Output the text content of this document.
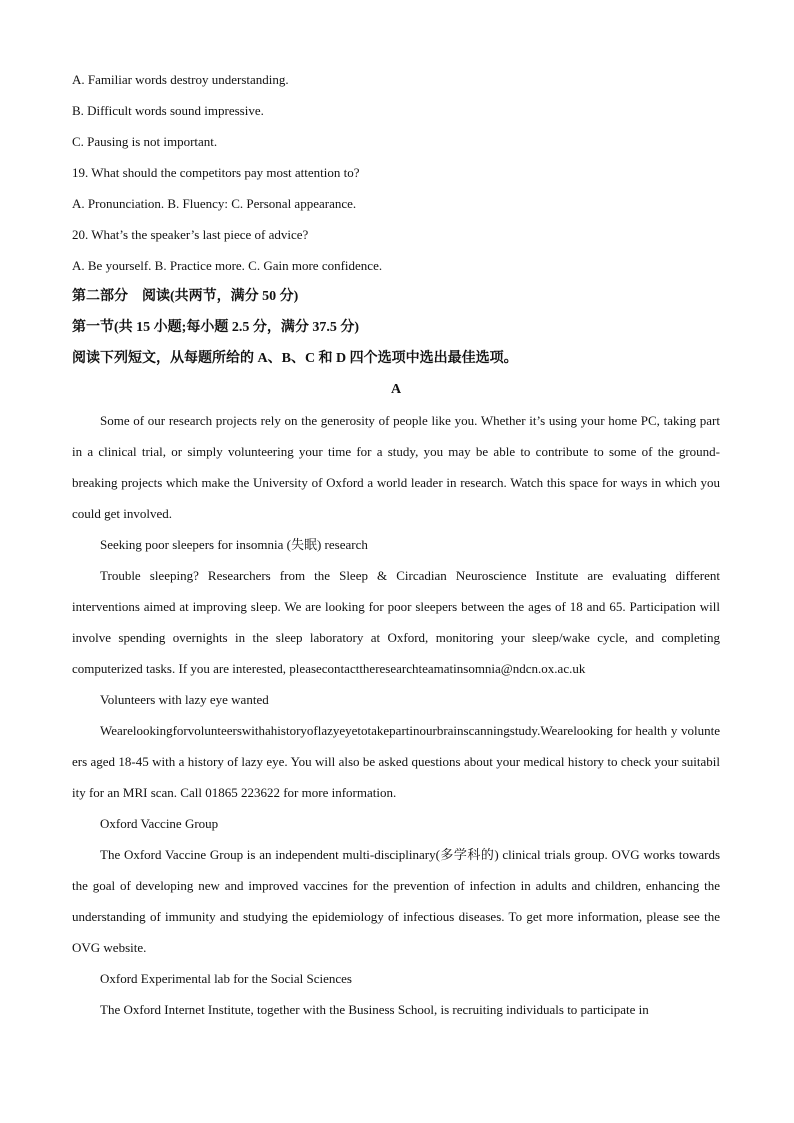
A. Familiar words destroy understanding.
B. Difficult words sound impressive.
C. Pausing is not important.
19. What should the competitors pay most attention to?
A. Pronunciation. B. Fluency: C. Personal appearance.
20. What’s the speaker’s last piece of advice?
A. Be yourself. B. Practice more. C. Gain more confidence.
第二部分　阅读(共两节，满分 50 分)
第一节(共 15 小题;每小题 2.5 分，满分 37.5 分)
阅读下列短文，从每题所给的 A、B、C 和 D 四个选项中选出最佳选项。
A

Some of our research projects rely on the generosity of people like you. Whether it’s using your home PC, taking part in a clinical trial, or simply volunteering your time for a study, you may be able to contribute to some of the ground-breaking projects which make the University of Oxford a world leader in research. Watch this space for ways in which you could get involved.

Seeking poor sleepers for insomnia (失眠) research

Trouble sleeping? Researchers from the Sleep & Circadian Neuroscience Institute are evaluating different interventions aimed at improving sleep. We are looking for poor sleepers between the ages of 18 and 65. Participation will involve spending overnights in the sleep laboratory at Oxford, monitoring your sleep/wake cycle, and completing computerized tasks. If you are interested, pleasecontacttheresearchteamatinsomnia@ndcn.ox.ac.uk

Volunteers with lazy eye wanted

Wearelookingforvolunteerswithahistoryoflazyeyetotakepartinourbrainscanningstudy.Wearelooking for health y volunteers aged 18-45 with a history of lazy eye. You will also be asked questions about your medical history to check your suitability for an MRI scan. Call 01865 223622 for more information.

Oxford Vaccine Group

The Oxford Vaccine Group is an independent multi-disciplinary(多学科的) clinical trials group. OVG works towards the goal of developing new and improved vaccines for the prevention of infection in adults and children, enhancing the understanding of immunity and studying the epidemiology of infectious diseases. To get more information, please see the OVG website.

Oxford Experimental lab for the Social Sciences

The Oxford Internet Institute, together with the Business School, is recruiting individuals to participate in
